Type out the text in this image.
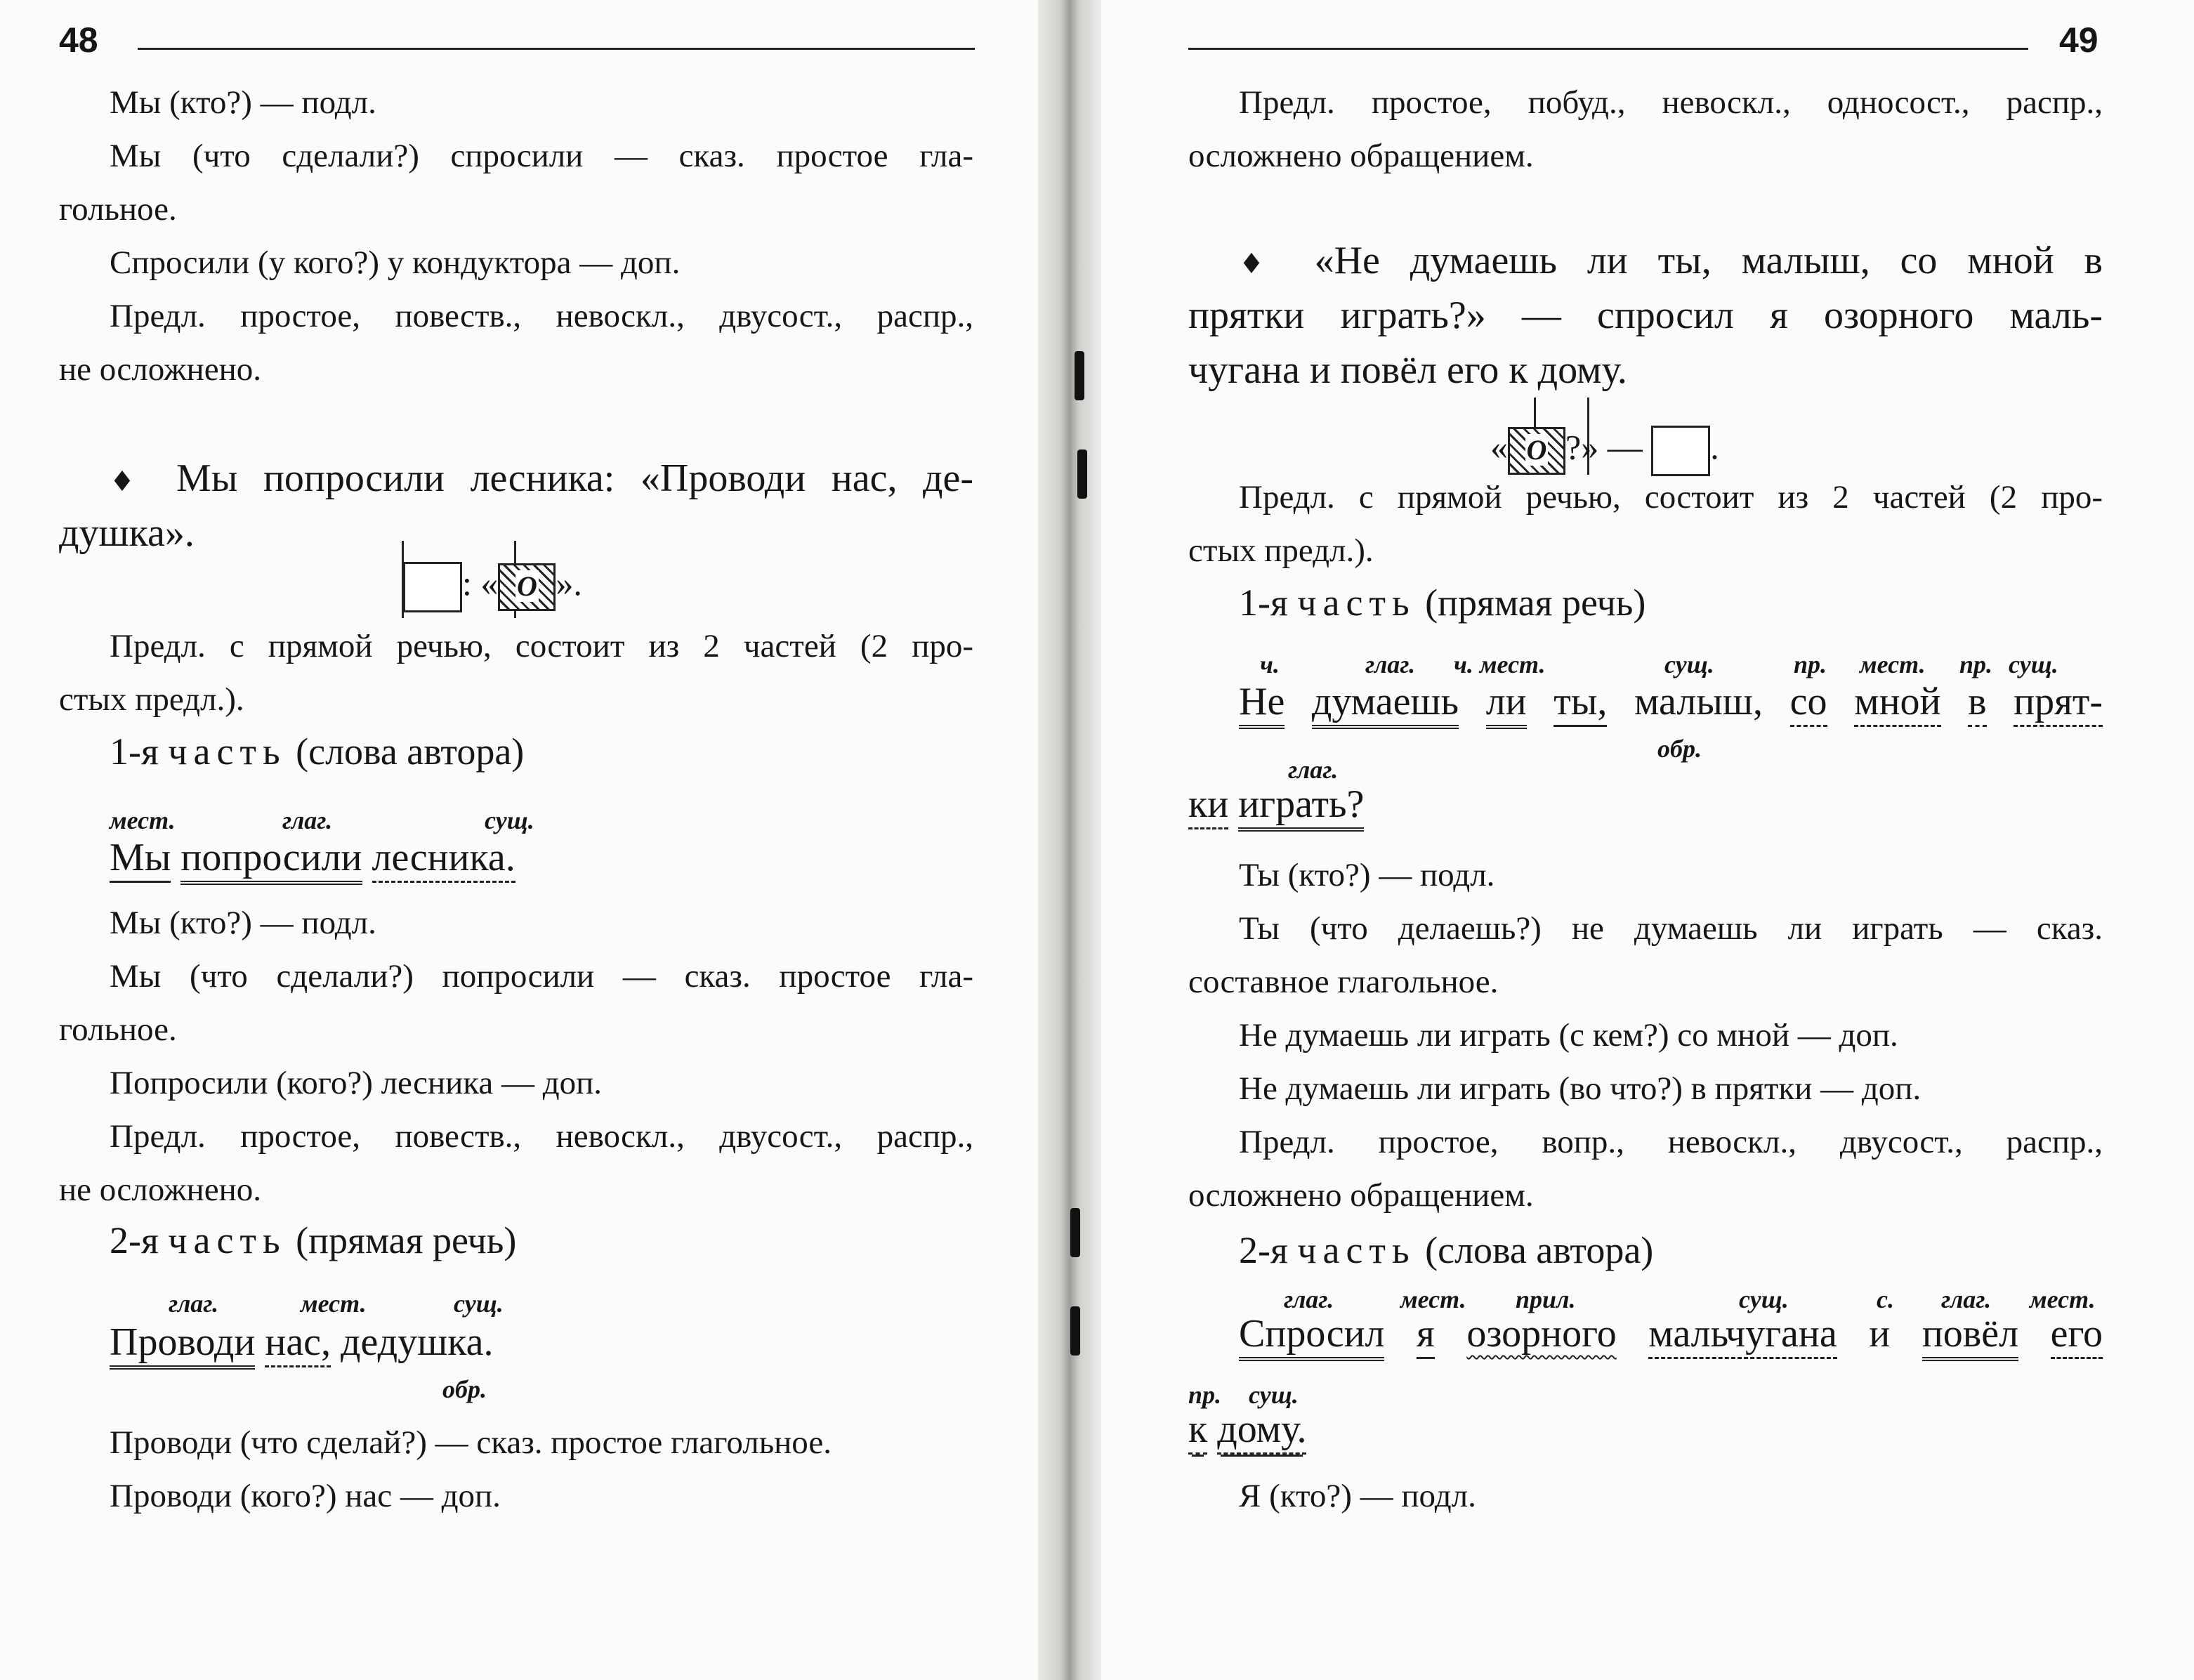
48
Мы (кто?) — подл.
Мы (что сделали?) спросили — сказ. простое гла-
гольное.
Спросили (у кого?) у кондуктора — доп.
Предл. простое, повеств., невоскл., двусост., распр.,
не осложнено.
♦ Мы попросили лесника: «Проводи нас, де-
душка».
: « О ».
Предл. с прямой речью, состоит из 2 частей (2 про-
стых предл.).
1-я часть (слова автора)
мест.	глаг.	сущ.
Мы попросили лесника.
Мы (кто?) — подл.
Мы (что сделали?) попросили — сказ. простое гла-
гольное.
Попросили (кого?) лесника — доп.
Предл. простое, повеств., невоскл., двусост., распр.,
не осложнено.
2-я часть (прямая речь)
глаг.	мест.	сущ.
Проводи нас, дедушка.
обр.
Проводи (что сделай?) — сказ. простое глагольное.
Проводи (кого?) нас — доп.
49
Предл. простое, побуд., невоскл., односост., распр.,
осложнено обращением.
♦ «Не думаешь ли ты, малыш, со мной в
прятки играть?» — спросил я озорного маль-
чугана и повёл его к дому.
« О ?» — .
Предл. с прямой речью, состоит из 2 частей (2 про-
стых предл.).
1-я часть (прямая речь)
ч.	глаг. ч. мест.	сущ.	пр. мест. пр. сущ.
Не думаешь ли ты, малыш, со мной в прят-
обр.
глаг.
ки играть?
Ты (кто?) — подл.
Ты (что делаешь?) не думаешь ли играть — сказ.
составное глагольное.
Не думаешь ли играть (с кем?) со мной — доп.
Не думаешь ли играть (во что?) в прятки — доп.
Предл. простое, вопр., невоскл., двусост., распр.,
осложнено обращением.
2-я часть (слова автора)
глаг.	мест. прил.	сущ.	с. глаг. мест.
Спросил я озорного мальчугана и повёл его
пр. сущ.
к дому.
Я (кто?) — подл.
